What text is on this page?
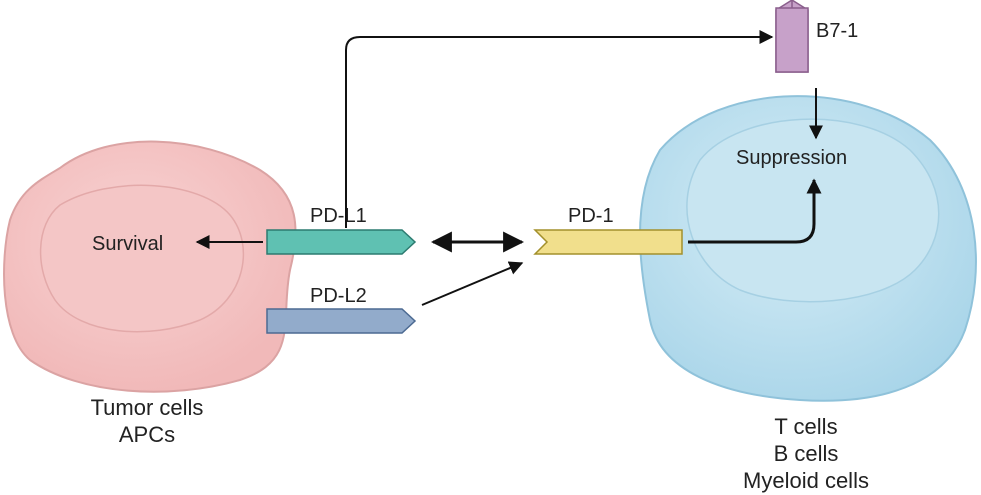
Survival
Suppression
B7-1
PD-L1
PD-L2
PD-1
Tumor cells
APCs	T cells
B cells
Myeloid cells
